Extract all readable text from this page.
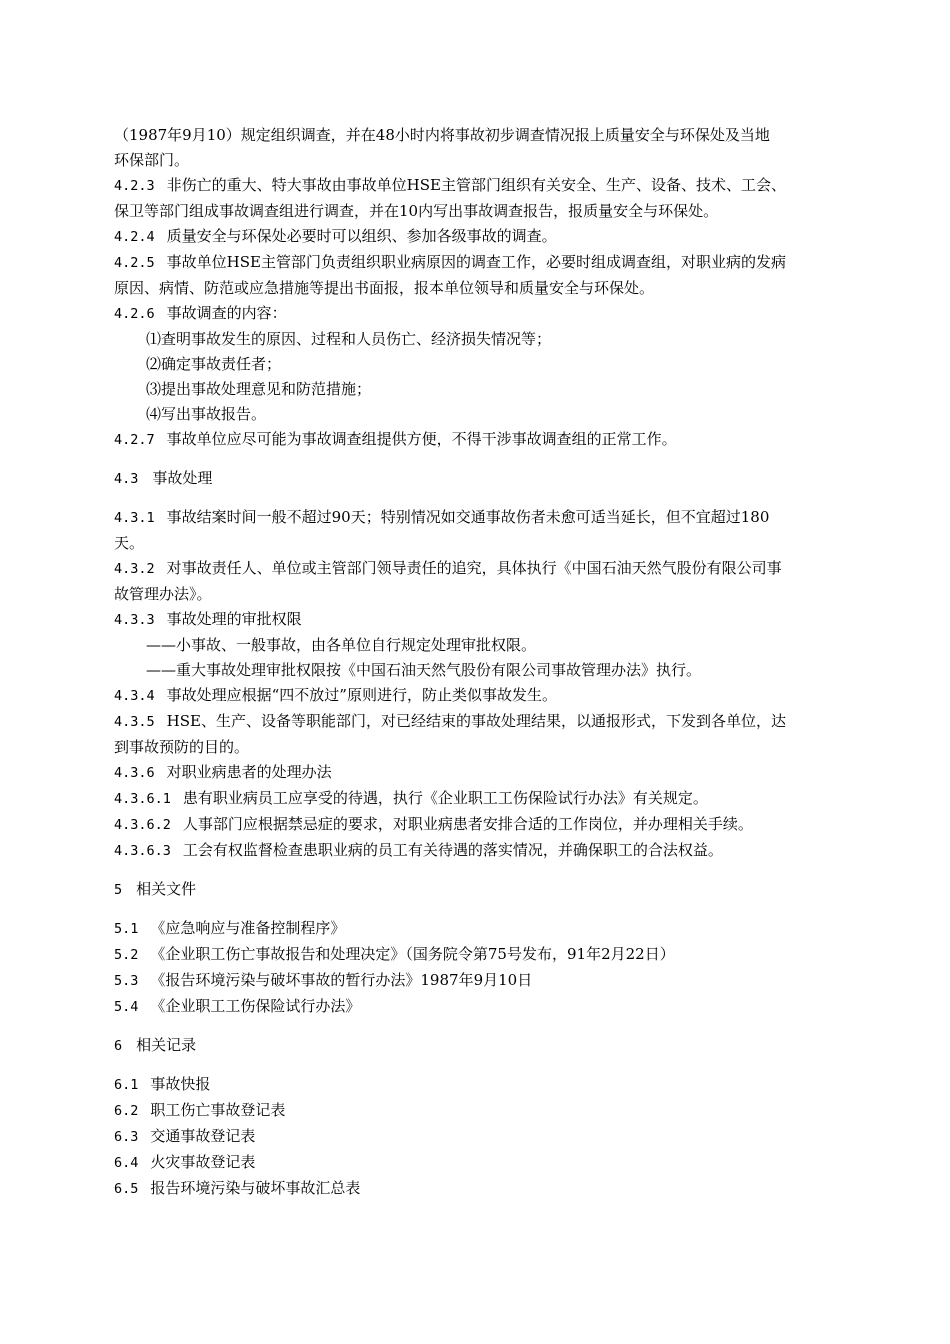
（1987年9月10）规定组织调查，并在48小时内将事故初步调查情况报上质量安全与环保处及当地
环保部门。
4.2.3 非伤亡的重大、特大事故由事故单位HSE主管部门组织有关安全、生产、设备、技术、工会、
保卫等部门组成事故调查组进行调查，并在10内写出事故调查报告，报质量安全与环保处。
4.2.4 质量安全与环保处必要时可以组织、参加各级事故的调查。
4.2.5 事故单位HSE主管部门负责组织职业病原因的调查工作，必要时组成调查组，对职业病的发病
原因、病情、防范或应急措施等提出书面报，报本单位领导和质量安全与环保处。
4.2.6 事故调查的内容：
⑴查明事故发生的原因、过程和人员伤亡、经济损失情况等；
⑵确定事故责任者；
⑶提出事故处理意见和防范措施；
⑷写出事故报告。
4.2.7 事故单位应尽可能为事故调查组提供方便，不得干涉事故调查组的正常工作。
4.3 事故处理
4.3.1 事故结案时间一般不超过90天；特别情况如交通事故伤者未愈可适当延长，但不宜超过180
天。
4.3.2 对事故责任人、单位或主管部门领导责任的追究，具体执行《中国石油天然气股份有限公司事
故管理办法》。
4.3.3 事故处理的审批权限
——小事故、一般事故，由各单位自行规定处理审批权限。
——重大事故处理审批权限按《中国石油天然气股份有限公司事故管理办法》执行。
4.3.4 事故处理应根据“四不放过”原则进行，防止类似事故发生。
4.3.5 HSE、生产、设备等职能部门，对已经结束的事故处理结果，以通报形式，下发到各单位，达
到事故预防的目的。
4.3.6 对职业病患者的处理办法
4.3.6.1 患有职业病员工应享受的待遇，执行《企业职工工伤保险试行办法》有关规定。
4.3.6.2 人事部门应根据禁忌症的要求，对职业病患者安排合适的工作岗位，并办理相关手续。
4.3.6.3 工会有权监督检查患职业病的员工有关待遇的落实情况，并确保职工的合法权益。
5 相关文件
5.1 《应急响应与准备控制程序》
5.2 《企业职工伤亡事故报告和处理决定》（国务院令第75号发布，91年2月22日）
5.3 《报告环境污染与破坏事故的暂行办法》1987年9月10日
5.4 《企业职工工伤保险试行办法》
6 相关记录
6.1 事故快报
6.2 职工伤亡事故登记表
6.3 交通事故登记表
6.4 火灾事故登记表
6.5 报告环境污染与破坏事故汇总表
